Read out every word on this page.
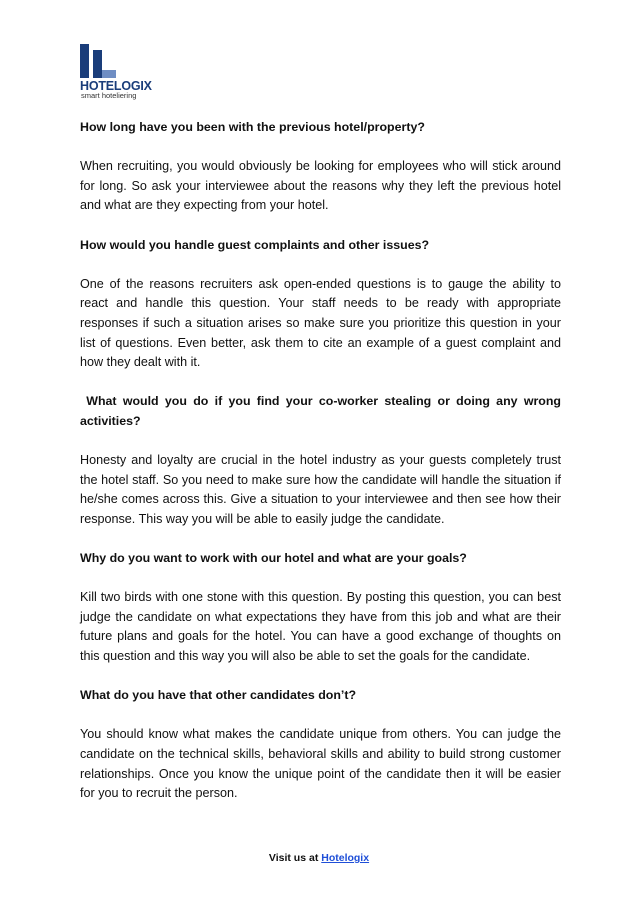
HOTELOGIX
smart hoteliering

How long have you been with the previous hotel/property?

When recruiting, you would obviously be looking for employees who will stick around for long. So ask your interviewee about the reasons why they left the previous hotel and what are they expecting from your hotel.

How would you handle guest complaints and other issues?

One of the reasons recruiters ask open-ended questions is to gauge the ability to react and handle this question. Your staff needs to be ready with appropriate responses if such a situation arises so make sure you prioritize this question in your list of questions. Even better, ask them to cite an example of a guest complaint and how they dealt with it.

What would you do if you find your co-worker stealing or doing any wrong activities?

Honesty and loyalty are crucial in the hotel industry as your guests completely trust the hotel staff. So you need to make sure how the candidate will handle the situation if he/she comes across this. Give a situation to your interviewee and then see how their response. This way you will be able to easily judge the candidate.

Why do you want to work with our hotel and what are your goals?

Kill two birds with one stone with this question. By posting this question, you can best judge the candidate on what expectations they have from this job and what are their future plans and goals for the hotel. You can have a good exchange of thoughts on this question and this way you will also be able to set the goals for the candidate.

What do you have that other candidates don’t?

You should know what makes the candidate unique from others. You can judge the candidate on the technical skills, behavioral skills and ability to build strong customer relationships. Once you know the unique point of the candidate then it will be easier for you to recruit the person.

Visit us at Hotelogix
